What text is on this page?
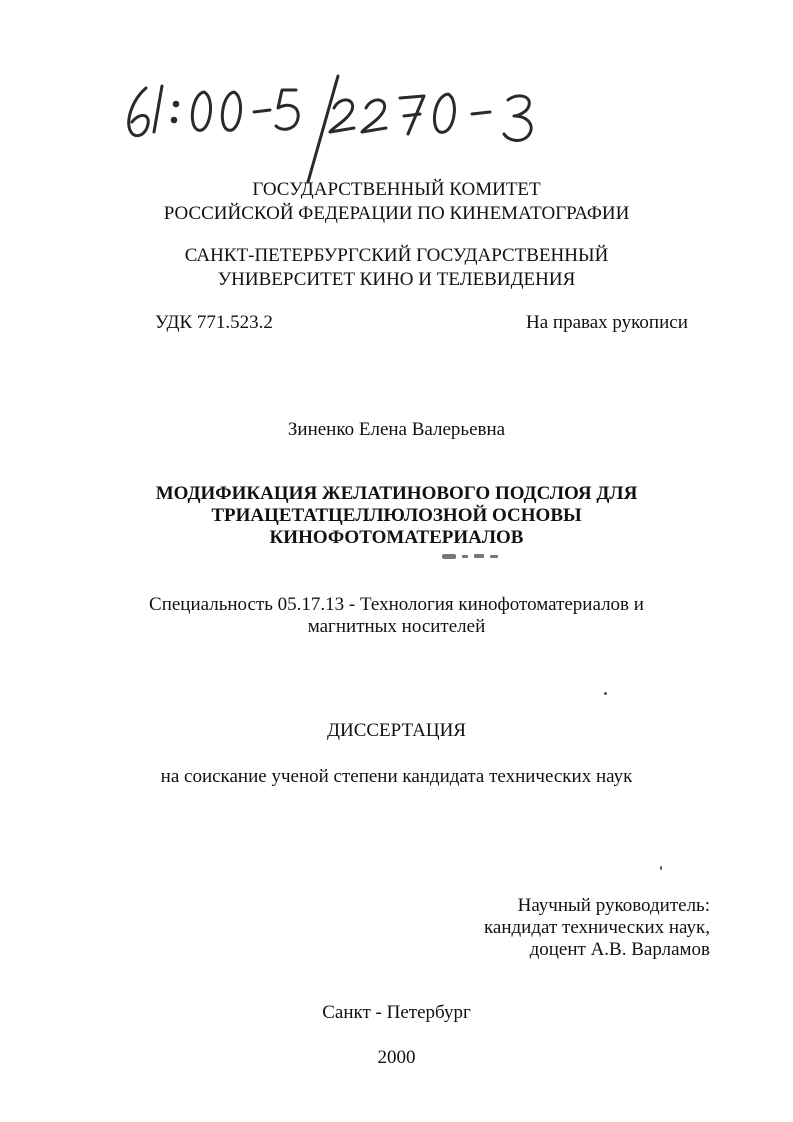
ГОСУДАРСТВЕННЫЙ КОМИТЕТ
РОССИЙСКОЙ ФЕДЕРАЦИИ ПО КИНЕМАТОГРАФИИ
САНКТ-ПЕТЕРБУРГСКИЙ ГОСУДАРСТВЕННЫЙ
УНИВЕРСИТЕТ КИНО И ТЕЛЕВИДЕНИЯ
УДК 771.523.2	На правах рукописи
Зиненко Елена Валерьевна
МОДИФИКАЦИЯ ЖЕЛАТИНОВОГО ПОДСЛОЯ ДЛЯ
ТРИАЦЕТАТЦЕЛЛЮЛОЗНОЙ ОСНОВЫ
КИНОФОТОМАТЕРИАЛОВ
Специальность 05.17.13 - Технология кинофотоматериалов и
магнитных носителей
ДИССЕРТАЦИЯ
на соискание ученой степени кандидата технических наук
Научный руководитель:
кандидат технических наук,
доцент А.В. Варламов
Санкт - Петербург
2000
